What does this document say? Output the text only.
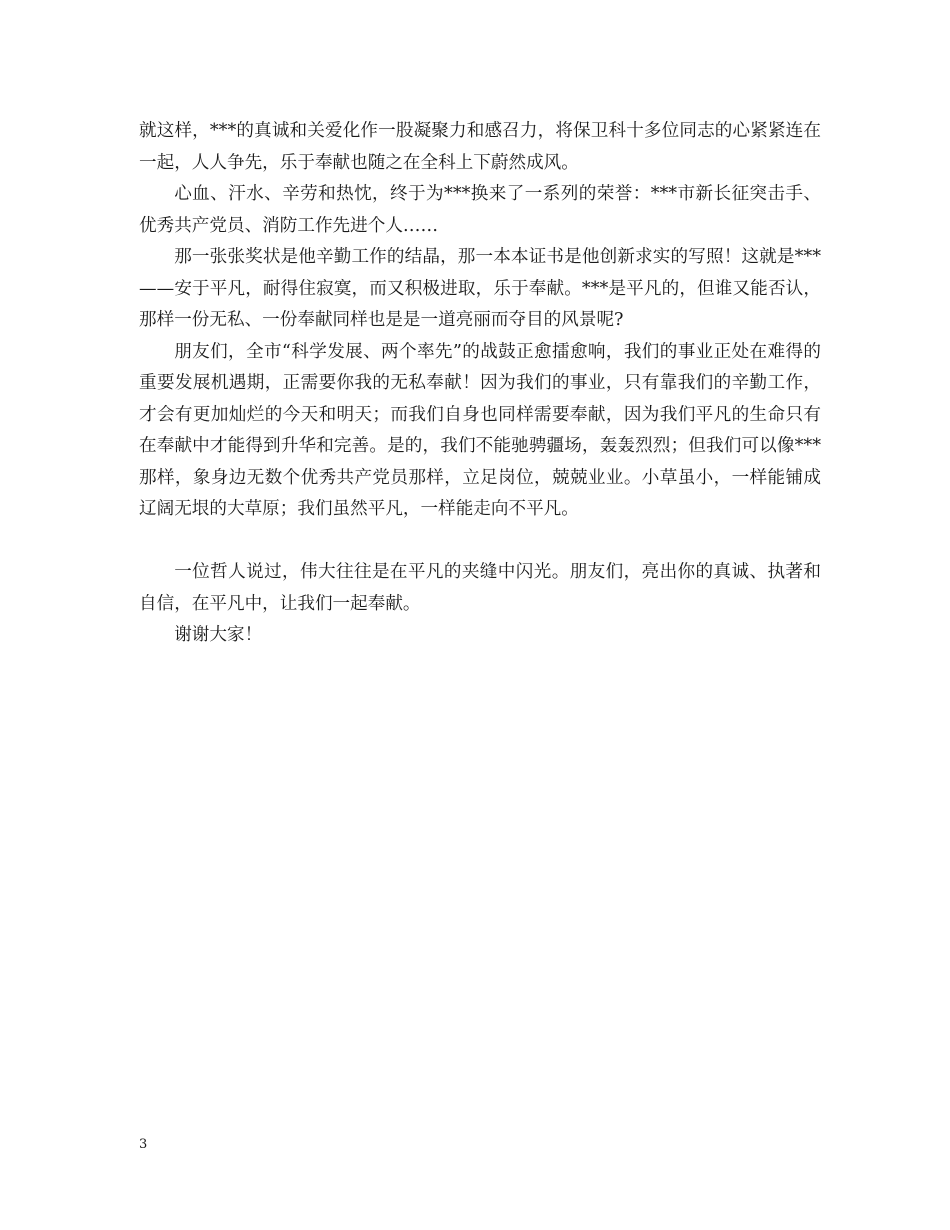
就这样，***的真诚和关爱化作一股凝聚力和感召力，将保卫科十多位同志的心紧紧连在一起，人人争先，乐于奉献也随之在全科上下蔚然成风。

心血、汗水、辛劳和热忱，终于为***换来了一系列的荣誉：***市新长征突击手、优秀共产党员、消防工作先进个人……

那一张张奖状是他辛勤工作的结晶，那一本本证书是他创新求实的写照！这就是***——安于平凡，耐得住寂寞，而又积极进取，乐于奉献。***是平凡的，但谁又能否认，那样一份无私、一份奉献同样也是是一道亮丽而夺目的风景呢?

朋友们，全市“科学发展、两个率先”的战鼓正愈擂愈响，我们的事业正处在难得的重要发展机遇期，正需要你我的无私奉献！因为我们的事业，只有靠我们的辛勤工作，才会有更加灿烂的今天和明天；而我们自身也同样需要奉献，因为我们平凡的生命只有在奉献中才能得到升华和完善。是的，我们不能驰骋疆场，轰轰烈烈；但我们可以像***那样，象身边无数个优秀共产党员那样，立足岗位，兢兢业业。小草虽小，一样能铺成辽阔无垠的大草原；我们虽然平凡，一样能走向不平凡。

一位哲人说过，伟大往往是在平凡的夹缝中闪光。朋友们，亮出你的真诚、执著和自信，在平凡中，让我们一起奉献。

谢谢大家！

3
